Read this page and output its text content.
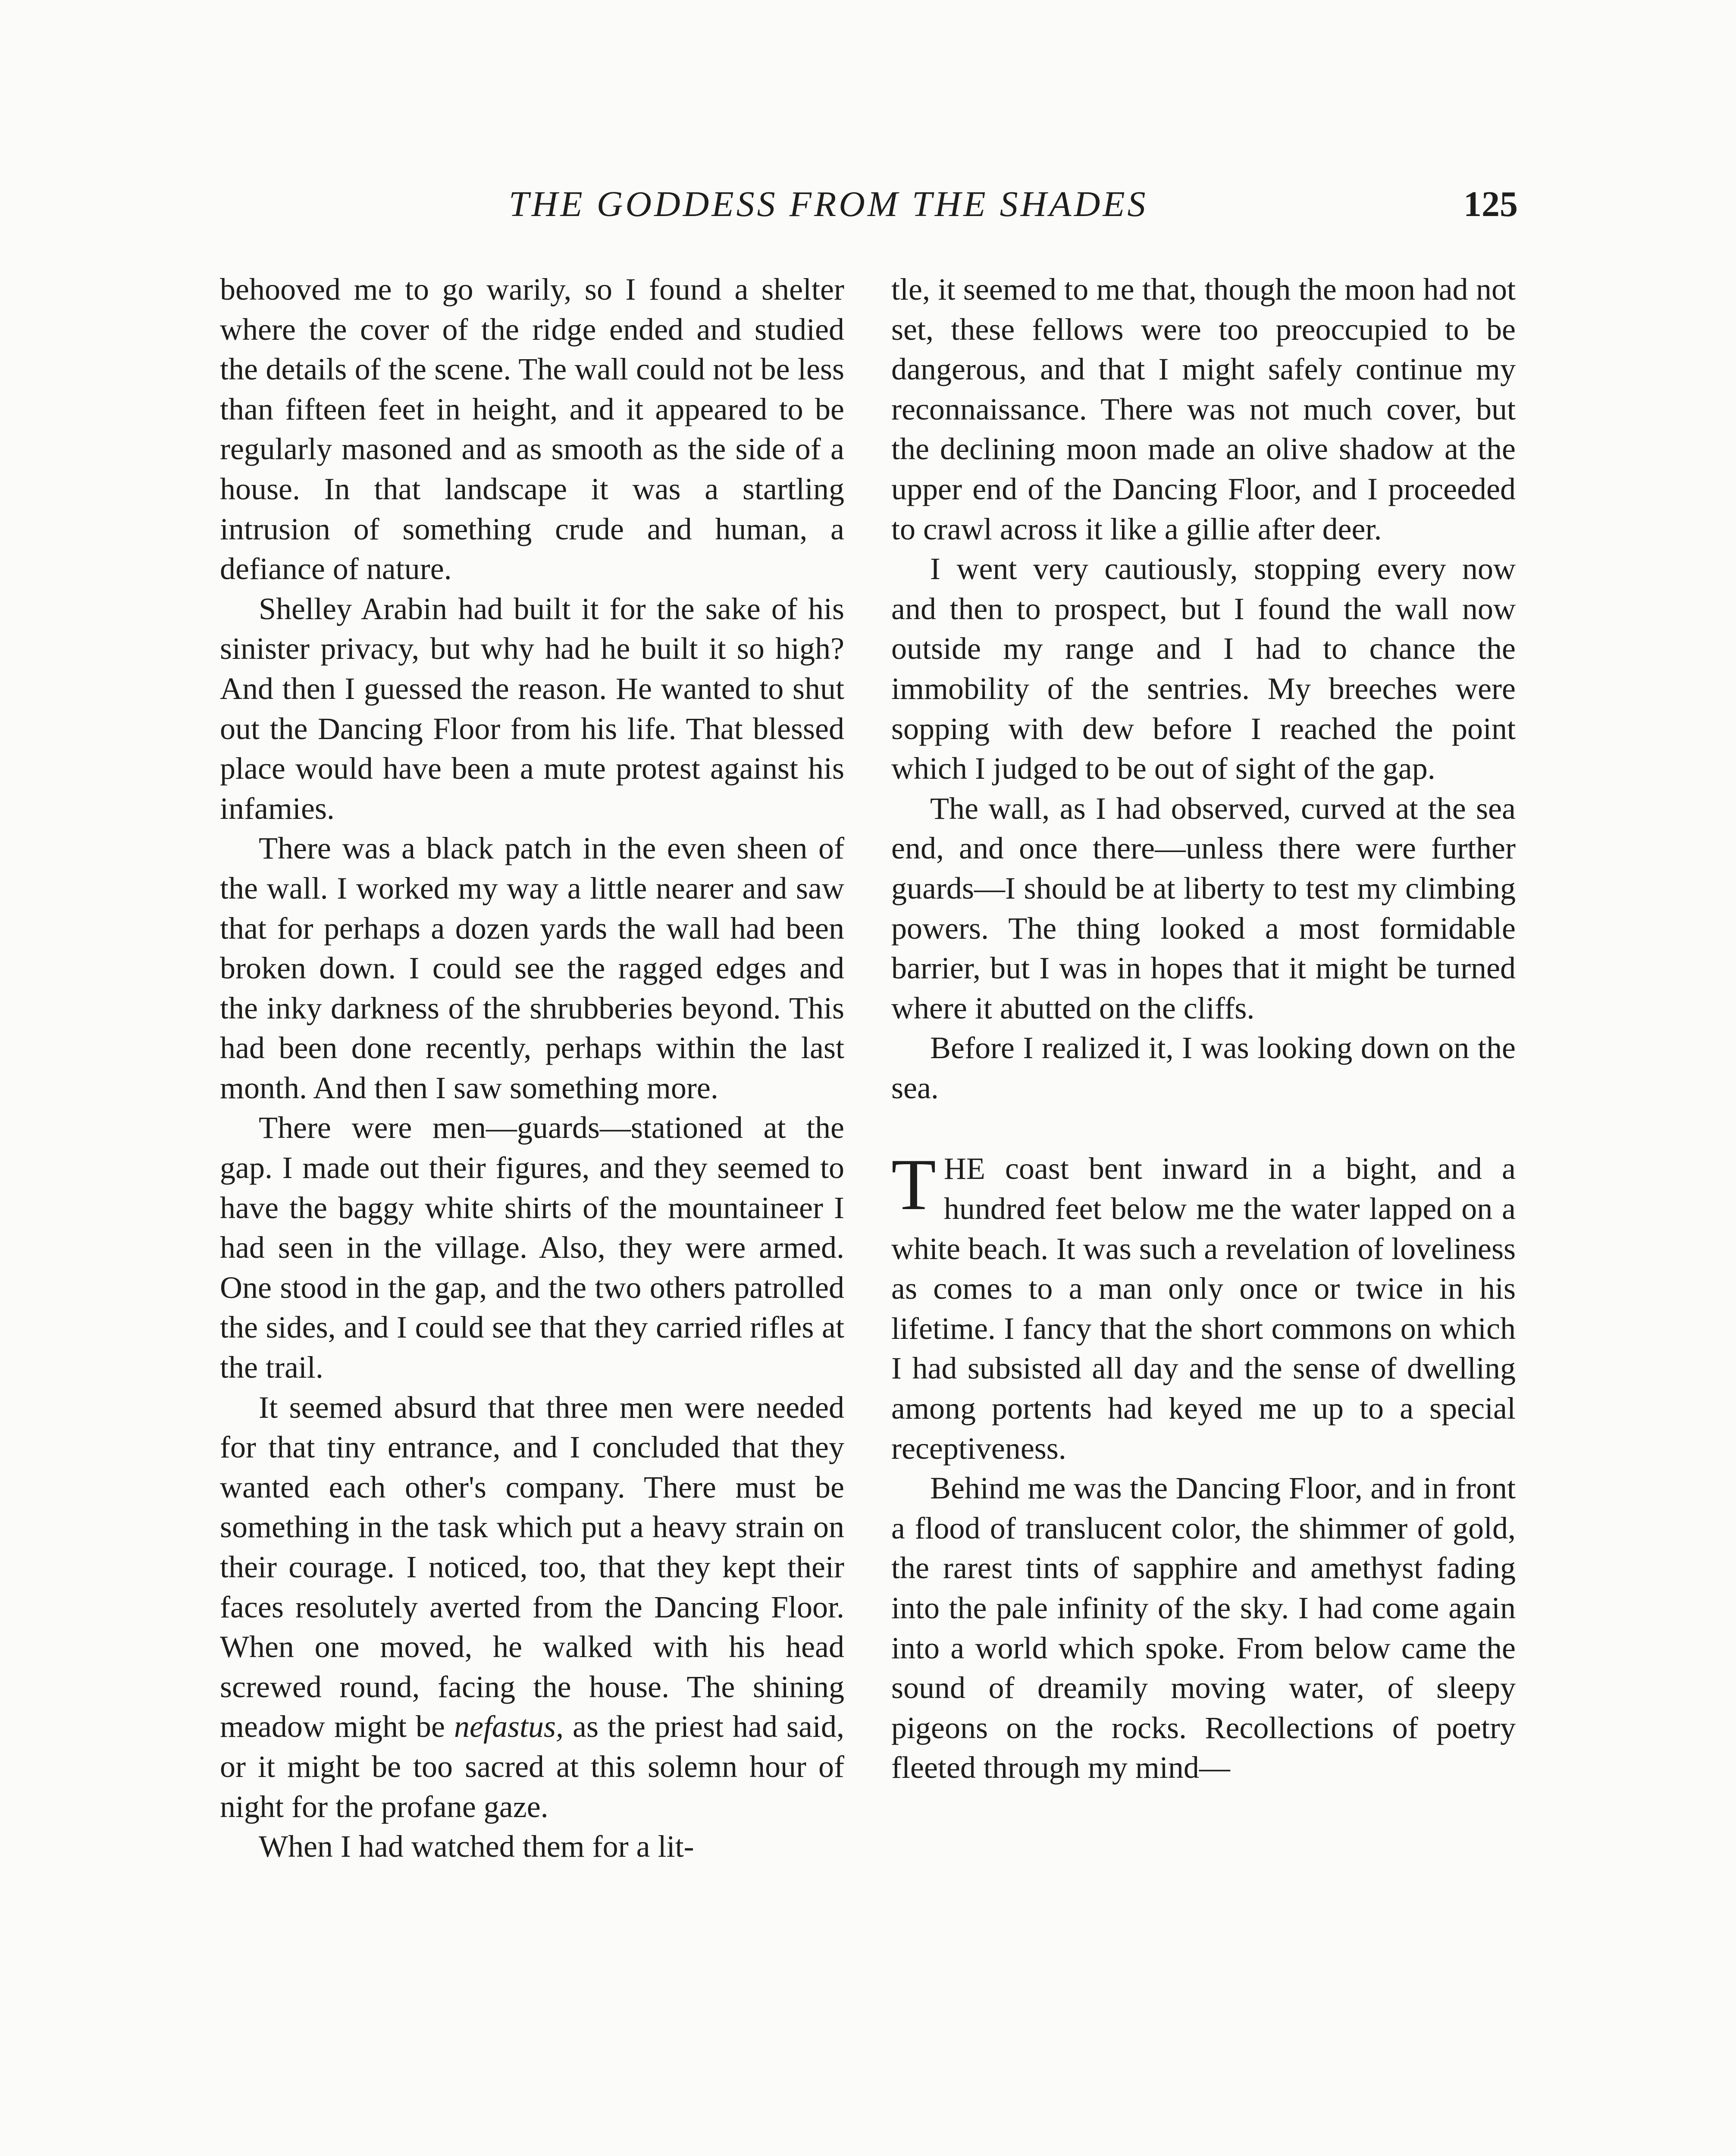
THE GODDESS FROM THE SHADES	125

behooved me to go warily, so I found a shelter where the cover of the ridge ended and studied the details of the scene. The wall could not be less than fifteen feet in height, and it appeared to be regularly masoned and as smooth as the side of a house. In that landscape it was a startling intrusion of something crude and human, a defiance of nature.

Shelley Arabin had built it for the sake of his sinister privacy, but why had he built it so high? And then I guessed the reason. He wanted to shut out the Dancing Floor from his life. That blessed place would have been a mute protest against his infamies.

There was a black patch in the even sheen of the wall. I worked my way a little nearer and saw that for perhaps a dozen yards the wall had been broken down. I could see the ragged edges and the inky darkness of the shrubberies beyond. This had been done recently, perhaps within the last month. And then I saw something more.

There were men—guards—stationed at the gap. I made out their figures, and they seemed to have the baggy white shirts of the mountaineer I had seen in the village. Also, they were armed. One stood in the gap, and the two others patrolled the sides, and I could see that they carried rifles at the trail.

It seemed absurd that three men were needed for that tiny entrance, and I concluded that they wanted each other's company. There must be something in the task which put a heavy strain on their courage. I noticed, too, that they kept their faces resolutely averted from the Dancing Floor. When one moved, he walked with his head screwed round, facing the house. The shining meadow might be nefastus, as the priest had said, or it might be too sacred at this solemn hour of night for the profane gaze.

When I had watched them for a lit-

tle, it seemed to me that, though the moon had not set, these fellows were too preoccupied to be dangerous, and that I might safely continue my reconnaissance. There was not much cover, but the declining moon made an olive shadow at the upper end of the Dancing Floor, and I proceeded to crawl across it like a gillie after deer.

I went very cautiously, stopping every now and then to prospect, but I found the wall now outside my range and I had to chance the immobility of the sentries. My breeches were sopping with dew before I reached the point which I judged to be out of sight of the gap.

The wall, as I had observed, curved at the sea end, and once there—unless there were further guards—I should be at liberty to test my climbing powers. The thing looked a most formidable barrier, but I was in hopes that it might be turned where it abutted on the cliffs.

Before I realized it, I was looking down on the sea.

THE coast bent inward in a bight, and a hundred feet below me the water lapped on a white beach. It was such a revelation of loveliness as comes to a man only once or twice in his lifetime. I fancy that the short commons on which I had subsisted all day and the sense of dwelling among portents had keyed me up to a special receptiveness.

Behind me was the Dancing Floor, and in front a flood of translucent color, the shimmer of gold, the rarest tints of sapphire and amethyst fading into the pale infinity of the sky. I had come again into a world which spoke. From below came the sound of dreamily moving water, of sleepy pigeons on the rocks. Recollections of poetry fleeted through my mind—
